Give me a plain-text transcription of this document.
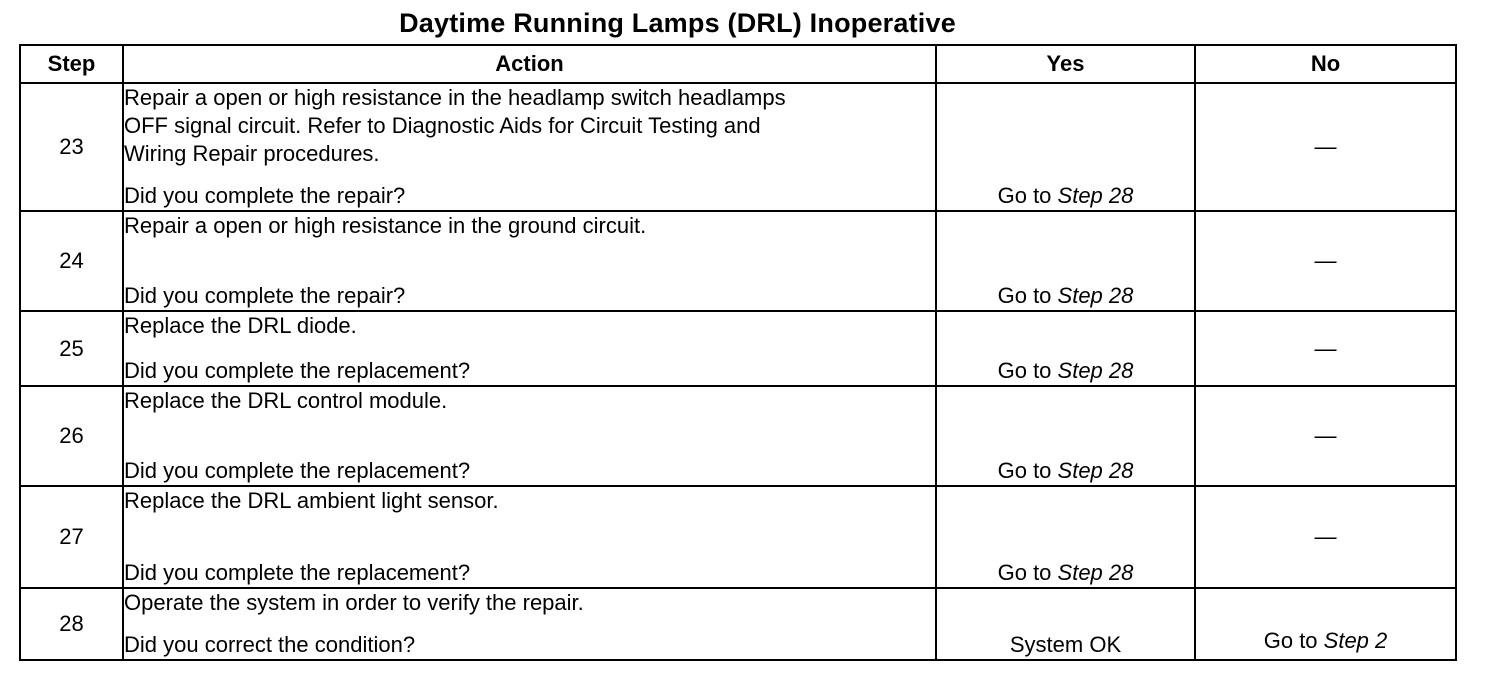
Daytime Running Lamps (DRL) Inoperative
Step	Action	Yes	No
23	Repair a open or high resistance in the headlamp switch headlamps
OFF signal circuit. Refer to Diagnostic Aids for Circuit Testing and
Wiring Repair procedures.
Did you complete the repair?	Go to Step 28	—
24	Repair a open or high resistance in the ground circuit.
Did you complete the repair?	Go to Step 28	—
25	Replace the DRL diode.
Did you complete the replacement?	Go to Step 28	—
26	Replace the DRL control module.
Did you complete the replacement?	Go to Step 28	—
27	Replace the DRL ambient light sensor.
Did you complete the replacement?	Go to Step 28	—
28	Operate the system in order to verify the repair.
Did you correct the condition?	System OK	Go to Step 2
